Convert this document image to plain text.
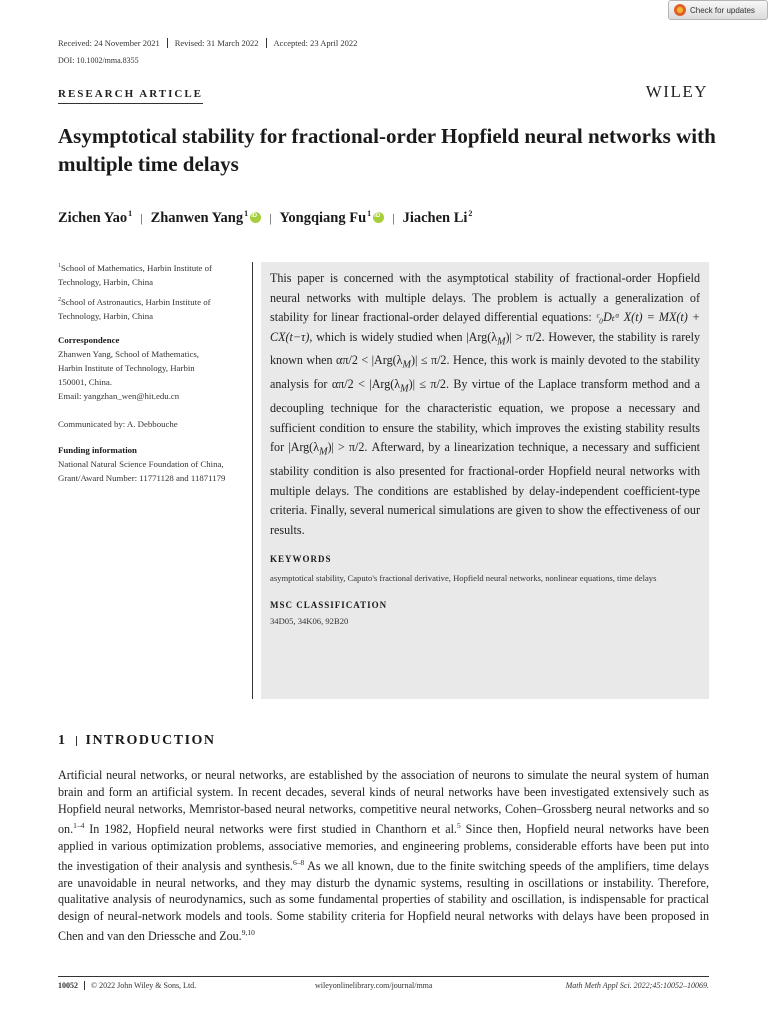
Check for updates
Received: 24 November 2021	Revised: 31 March 2022	Accepted: 23 April 2022
DOI: 10.1002/mma.8355
RESEARCH ARTICLE	WILEY
Asymptotical stability for fractional-order Hopfield neural networks with multiple time delays
Zichen Yao$^1$ | Zhanwen Yang$^1$ iD | Yongqiang Fu$^1$ iD | Jiachen Li$^2$
$^1$School of Mathematics, Harbin Institute of Technology, Harbin, China
$^2$School of Astronautics, Harbin Institute of Technology, Harbin, China
Correspondence
Zhanwen Yang, School of Mathematics,
Harbin Institute of Technology, Harbin
150001, China.
Email: yangzhan_wen@hit.edu.cn
Communicated by: A. Debbouche
Funding information
National Natural Science Foundation of China, Grant/Award Number: 11771128 and 11871179

This paper is concerned with the asymptotical stability of fractional-order Hopfield neural networks with multiple delays. The problem is actually a generalization of stability for linear fractional-order delayed differential equations: ᶜ₀Dₜᵅ X(t) = MX(t) + CX(t−τ), which is widely studied when $|Arg(\lambda_M)| > \pi/2$. However, the stability is rarely known when $\alpha\pi/2 < |Arg(\lambda_M)| \le \pi/2$. Hence, this work is mainly devoted to the stability analysis for $\alpha\pi/2 < |Arg(\lambda_M)| \le \pi/2$. By virtue of the Laplace transform method and a decoupling technique for the characteristic equation, we propose a necessary and sufficient condition to ensure the stability, which improves the existing stability results for $|Arg(\lambda_M)| > \pi/2$. Afterward, by a linearization technique, a necessary and sufficient stability condition is also presented for fractional-order Hopfield neural networks with multiple delays. The conditions are established by delay-independent coefficient-type criteria. Finally, several numerical simulations are given to show the effectiveness of our results.

KEYWORDS
asymptotical stability, Caputo's fractional derivative, Hopfield neural networks, nonlinear equations, time delays
MSC CLASSIFICATION
34D05, 34K06, 92B20
1 INTRODUCTION

Artificial neural networks, or neural networks, are established by the association of neurons to simulate the neural system of human brain and form an artificial system. In recent decades, several kinds of neural networks have been investigated extensively such as Hopfield neural networks, Memristor-based neural networks, competitive neural networks, Cohen–Grossberg neural networks and so on.$^{1-4}$ In 1982, Hopfield neural networks were first studied in Chanthorn et al.$^5$ Since then, Hopfield neural networks have been applied in various optimization problems, associative memories, and engineering problems, considerable efforts have been put into the investigation of their analysis and synthesis.$^{6-8}$ As we all known, due to the finite switching speeds of the amplifiers, time delays are unavoidable in neural networks, and they may disturb the dynamic systems, resulting in oscillations or instability. Therefore, qualitative analysis of neurodynamics, such as some fundamental properties of stability and oscillation, is indispensable for practical design of neural-network models and tools. Some stability criteria for Hopfield neural networks with delays have been proposed in Chen and van den Driessche and Zou.$^{9,10}$

10052	© 2022 John Wiley & Sons, Ltd.	wileyonlinelibrary.com/journal/mma	Math Meth Appl Sci. 2022;45:10052–10069.
